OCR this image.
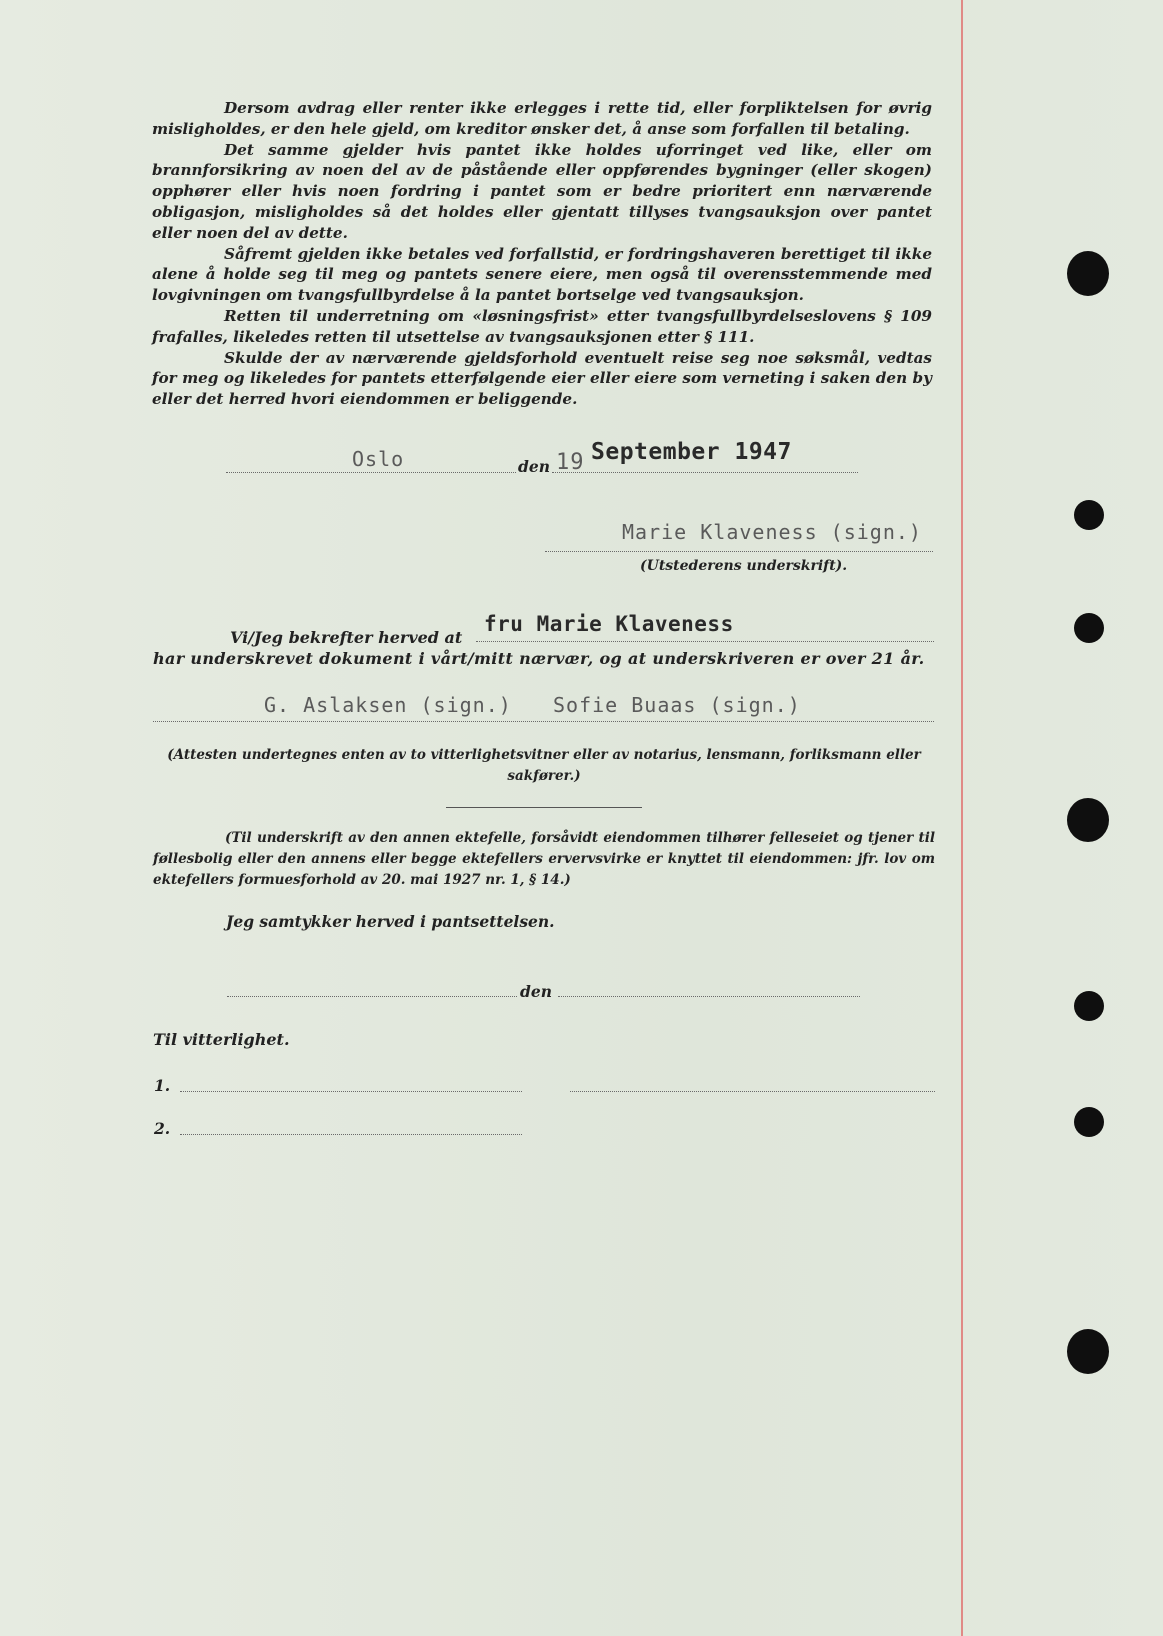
Dersom avdrag eller renter ikke erlegges i rette tid, eller forpliktelsen for øvrig misligholdes, er den hele gjeld, om kreditor ønsker det, å anse som forfallen til betaling.

Det samme gjelder hvis pantet ikke holdes uforringet ved like, eller om brannforsikring av noen del av de påstående eller oppførendes bygninger (eller skogen) opphører eller hvis noen fordring i pantet som er bedre prioritert enn nærværende obligasjon, misligholdes så det holdes eller gjentatt tillyses tvangsauksjon over pantet eller noen del av dette.

Såfremt gjelden ikke betales ved forfallstid, er fordringshaveren berettiget til ikke alene å holde seg til meg og pantets senere eiere, men også til overensstemmende med lovgivningen om tvangsfullbyrdelse å la pantet bortselge ved tvangsauksjon.

Retten til underretning om «løsningsfrist» etter tvangsfullbyrdelseslovens § 109 frafalles, likeledes retten til utsettelse av tvangsauksjonen etter § 111.

Skulde der av nærværende gjeldsforhold eventuelt reise seg noe søksmål, vedtas for meg og likeledes for pantets etterfølgende eier eller eiere som verneting i saken den by eller det herred hvori eiendommen er beliggende.

Oslo	den 19 September 1947
Marie Klaveness (sign.)
(Utstederens underskrift).
Vi/Jeg bekrefter herved at
fru Marie Klaveness
har underskrevet dokument i vårt/mitt nærvær, og at underskriveren er over 21 år.
G. Aslaksen (sign.) Sofie Buaas (sign.)
(Attesten undertegnes enten av to vitterlighetsvitner eller av notarius, lensmann, forliksmann eller sakfører.)
(Til underskrift av den annen ektefelle, forsåvidt eiendommen tilhører felleseiet og tjener til føllesbolig eller den annens eller begge ektefellers ervervsvirke er knyttet til eiendommen: jfr. lov om ektefellers formuesforhold av 20. mai 1927 nr. 1, § 14.)
Jeg samtykker herved i pantsettelsen.
den
Til vitterlighet.
1.
2.
